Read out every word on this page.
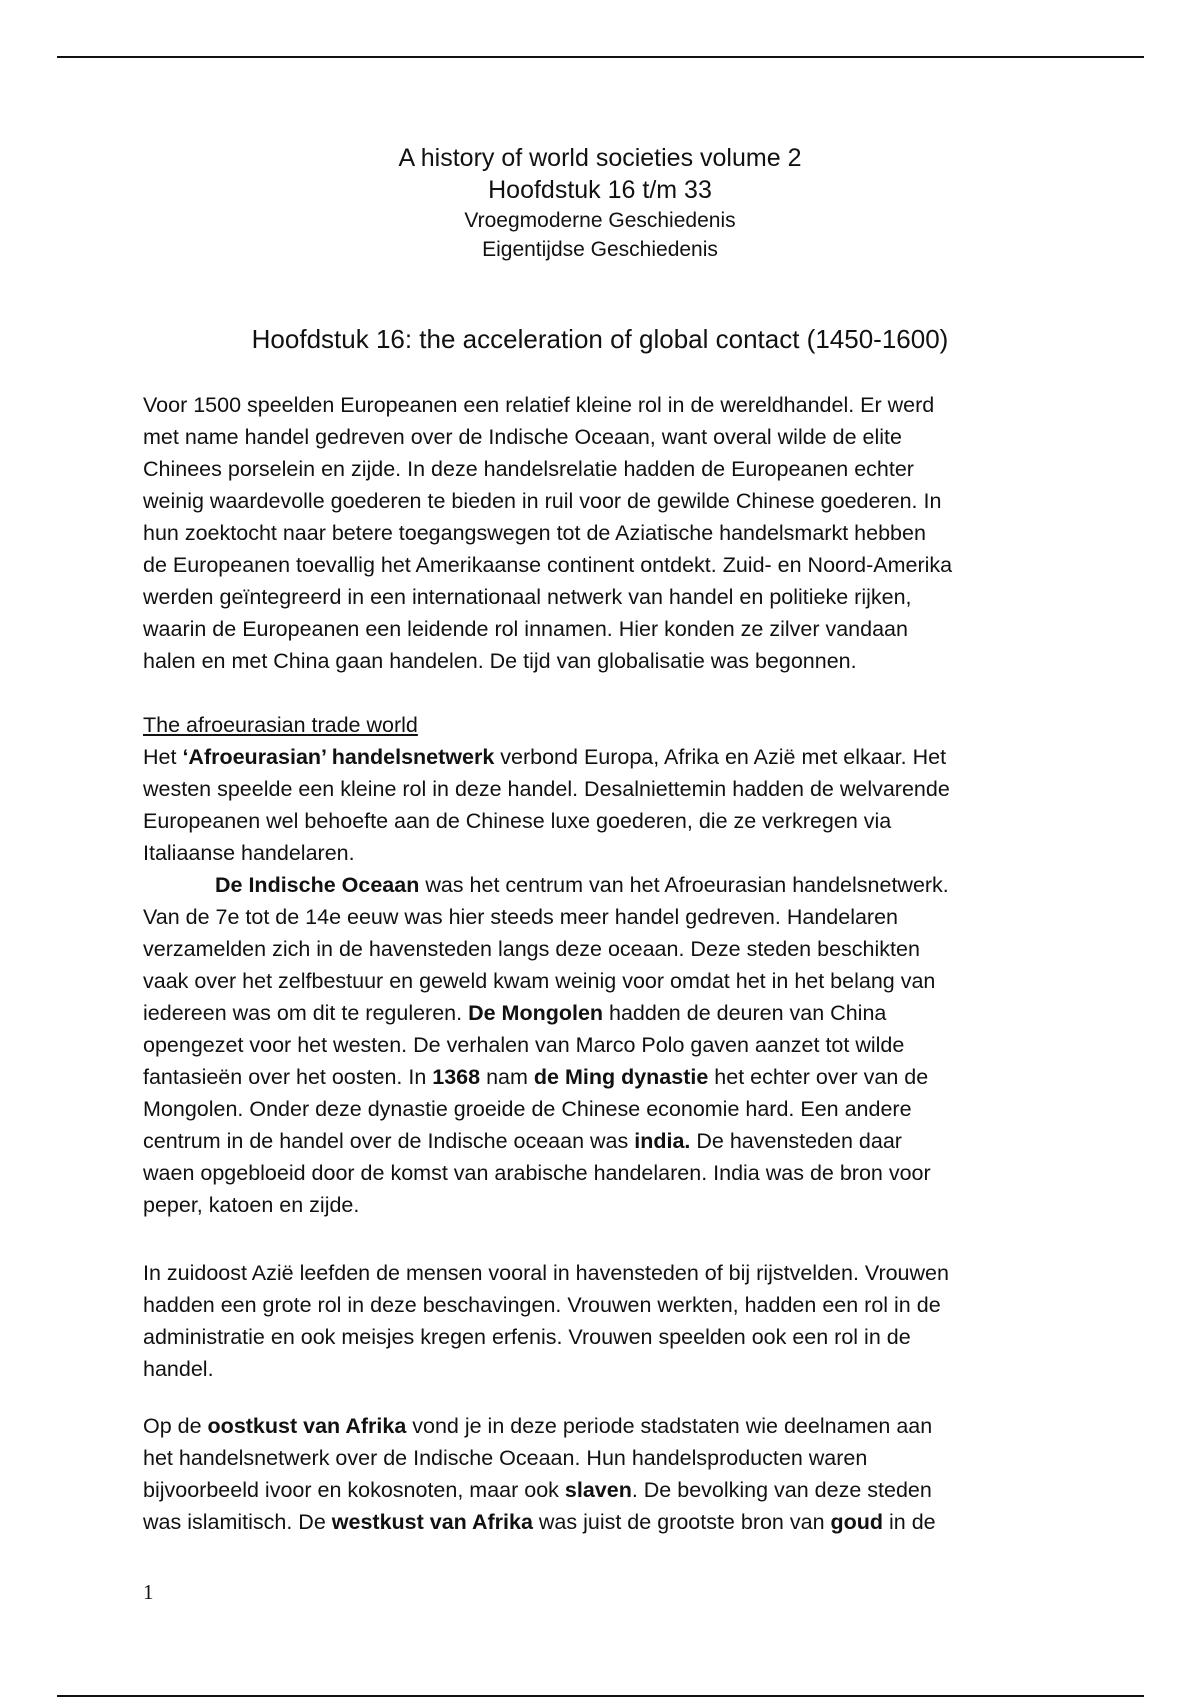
A history of world societies volume 2
Hoofdstuk 16 t/m 33
Vroegmoderne Geschiedenis
Eigentijdse Geschiedenis
Hoofdstuk 16: the acceleration of global contact (1450-1600)
Voor 1500 speelden Europeanen een relatief kleine rol in de wereldhandel. Er werd
met name handel gedreven over de Indische Oceaan, want overal wilde de elite
Chinees porselein en zijde. In deze handelsrelatie hadden de Europeanen echter
weinig waardevolle goederen te bieden in ruil voor de gewilde Chinese goederen. In
hun zoektocht naar betere toegangswegen tot de Aziatische handelsmarkt hebben
de Europeanen toevallig het Amerikaanse continent ontdekt. Zuid- en Noord-Amerika
werden geïntegreerd in een internationaal netwerk van handel en politieke rijken,
waarin de Europeanen een leidende rol innamen. Hier konden ze zilver vandaan
halen en met China gaan handelen. De tijd van globalisatie was begonnen.
The afroeurasian trade world
Het ‘Afroeurasian’ handelsnetwerk verbond Europa, Afrika en Azië met elkaar. Het
westen speelde een kleine rol in deze handel. Desalniettemin hadden de welvarende
Europeanen wel behoefte aan de Chinese luxe goederen, die ze verkregen via
Italiaanse handelaren.
De Indische Oceaan was het centrum van het Afroeurasian handelsnetwerk.
Van de 7e tot de 14e eeuw was hier steeds meer handel gedreven. Handelaren
verzamelden zich in de havensteden langs deze oceaan. Deze steden beschikten
vaak over het zelfbestuur en geweld kwam weinig voor omdat het in het belang van
iedereen was om dit te reguleren. De Mongolen hadden de deuren van China
opengezet voor het westen. De verhalen van Marco Polo gaven aanzet tot wilde
fantasieën over het oosten. In 1368 nam de Ming dynastie het echter over van de
Mongolen. Onder deze dynastie groeide de Chinese economie hard. Een andere
centrum in de handel over de Indische oceaan was india. De havensteden daar
waen opgebloeid door de komst van arabische handelaren. India was de bron voor
peper, katoen en zijde.
In zuidoost Azië leefden de mensen vooral in havensteden of bij rijstvelden. Vrouwen
hadden een grote rol in deze beschavingen. Vrouwen werkten, hadden een rol in de
administratie en ook meisjes kregen erfenis. Vrouwen speelden ook een rol in de
handel.
Op de oostkust van Afrika vond je in deze periode stadstaten wie deelnamen aan
het handelsnetwerk over de Indische Oceaan. Hun handelsproducten waren
bijvoorbeeld ivoor en kokosnoten, maar ook slaven. De bevolking van deze steden
was islamitisch. De westkust van Afrika was juist de grootste bron van goud in de
1
